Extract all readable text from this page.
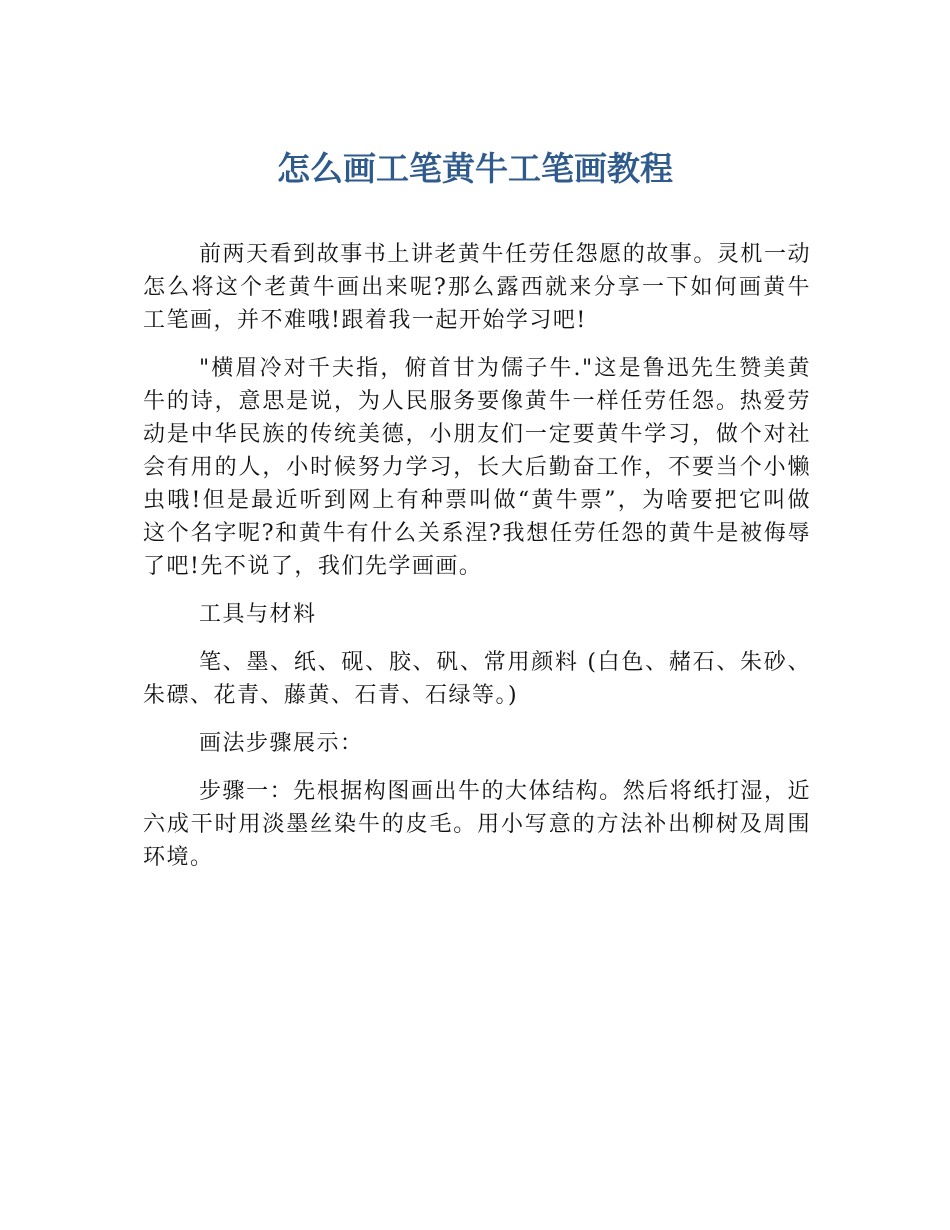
怎么画工笔黄牛工笔画教程

前两天看到故事书上讲老黄牛任劳任怨愿的故事。灵机一动怎么将这个老黄牛画出来呢?那么露西就来分享一下如何画黄牛工笔画，并不难哦!跟着我一起开始学习吧!

"横眉冷对千夫指，俯首甘为儒子牛."这是鲁迅先生赞美黄牛的诗，意思是说，为人民服务要像黄牛一样任劳任怨。热爱劳动是中华民族的传统美德，小朋友们一定要黄牛学习，做个对社会有用的人，小时候努力学习，长大后勤奋工作，不要当个小懒虫哦!但是最近听到网上有种票叫做“黄牛票”，为啥要把它叫做这个名字呢?和黄牛有什么关系涅?我想任劳任怨的黄牛是被侮辱了吧!先不说了，我们先学画画。

工具与材料

笔、墨、纸、砚、胶、矾、常用颜料 (白色、赭石、朱砂、朱磦、花青、藤黄、石青、石绿等。)

画法步骤展示：

步骤一：先根据构图画出牛的大体结构。然后将纸打湿，近六成干时用淡墨丝染牛的皮毛。用小写意的方法补出柳树及周围环境。
